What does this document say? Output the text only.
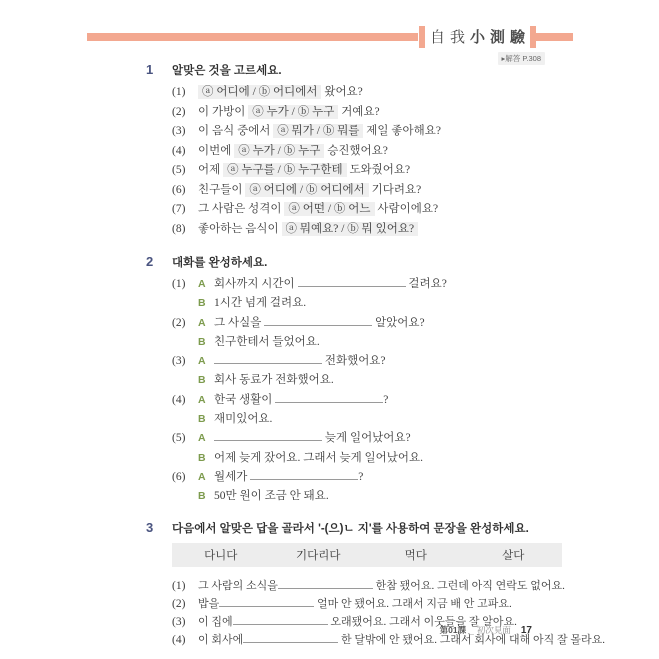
自我小測驗
▸解答 P.308
1	알맞은 것을 고르세요.
(1) ⓐ 어디에 / ⓑ 어디에서 왔어요?
(2) 이 가방이 ⓐ 누가 / ⓑ 누구 거예요?
(3) 이 음식 중에서 ⓐ 뭐가 / ⓑ 뭐를 제일 좋아해요?
(4) 이번에 ⓐ 누가 / ⓑ 누구 승진했어요?
(5) 어제 ⓐ 누구를 / ⓑ 누구한테 도와줬어요?
(6) 친구들이 ⓐ 어디에 / ⓑ 어디에서 기다려요?
(7) 그 사람은 성격이 ⓐ 어떤 / ⓑ 어느 사람이에요?
(8) 좋아하는 음식이 ⓐ 뭐예요? / ⓑ 뭐 있어요?
2	대화를 완성하세요.
(1) A 회사까지 시간이	걸려요?
B 1시간 넘게 걸려요.
(2) A 그 사실을	알았어요?
B 친구한테서 들었어요.
(3) A	전화했어요?
B 회사 동료가 전화했어요.
(4) A 한국 생활이	?
B 재미있어요.
(5) A	늦게 일어났어요?
B 어제 늦게 잤어요. 그래서 늦게 일어났어요.
(6) A 월세가	?
B 50만 원이 조금 안 돼요.
3	다음에서 알맞은 답을 골라서 '-(으)ㄴ 지'를 사용하여 문장을 완성하세요.
다니다	기다리다	먹다	살다
(1) 그 사람의 소식을	한참 됐어요. 그런데 아직 연락도 없어요.
(2) 밥을	얼마 안 됐어요. 그래서 지금 배 안 고파요.
(3) 이 집에	오래됐어요. 그래서 이웃들을 잘 알아요.
(4) 이 회사에	한 달밖에 안 됐어요. 그래서 회사에 대해 아직 잘 몰라요.
第01課 _ 初次見面 17
